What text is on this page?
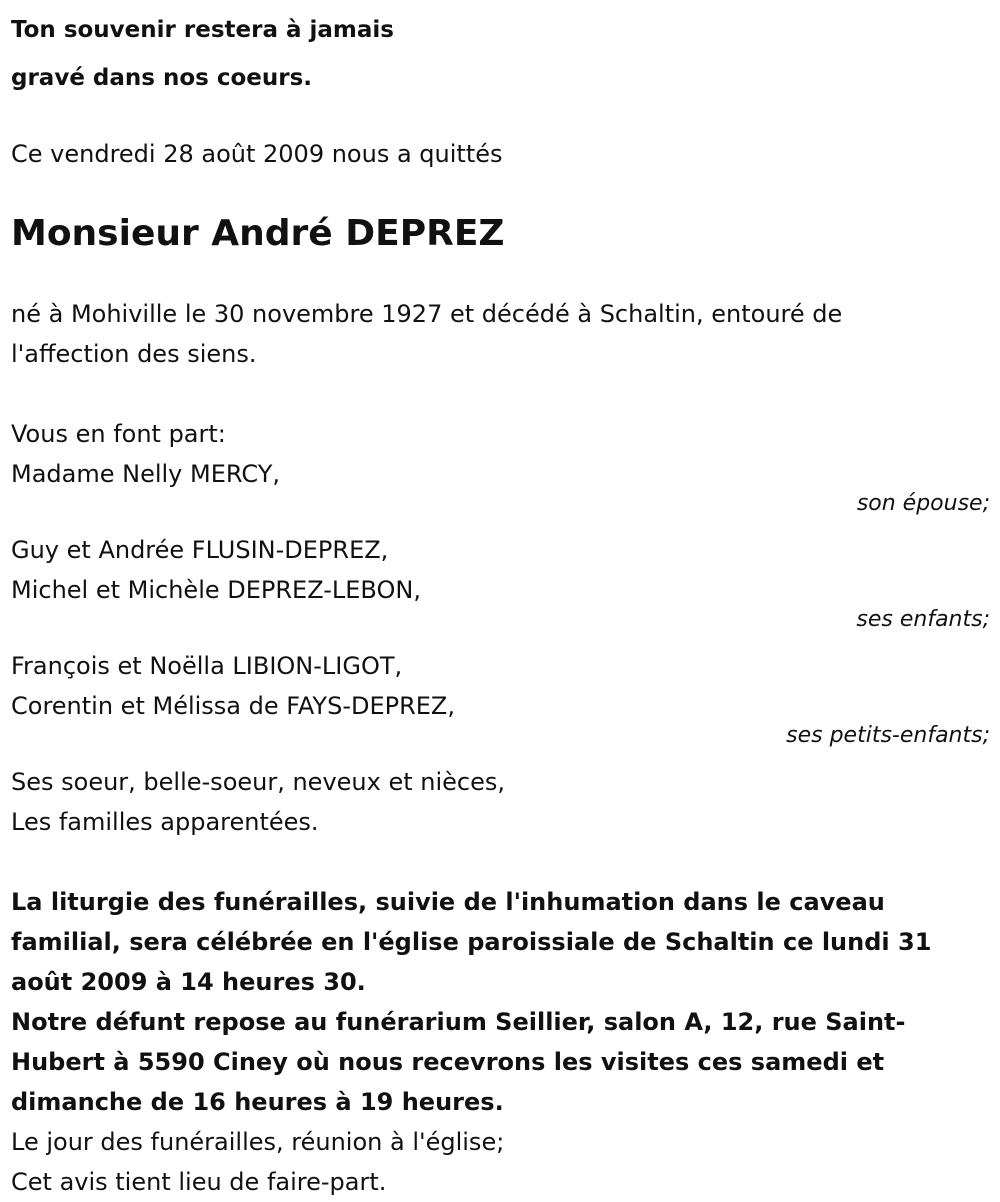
Ton souvenir restera à jamais
gravé dans nos coeurs.
Ce vendredi 28 août 2009 nous a quittés
Monsieur André DEPREZ
né à Mohiville le 30 novembre 1927 et décédé à Schaltin, entouré de
l'affection des siens.
Vous en font part:
Madame Nelly MERCY,
son épouse;
Guy et Andrée FLUSIN-DEPREZ,
Michel et Michèle DEPREZ-LEBON,
ses enfants;
François et Noëlla LIBION-LIGOT,
Corentin et Mélissa de FAYS-DEPREZ,
ses petits-enfants;
Ses soeur, belle-soeur, neveux et nièces,
Les familles apparentées.
La liturgie des funérailles, suivie de l'inhumation dans le caveau
familial, sera célébrée en l'église paroissiale de Schaltin ce lundi 31
août 2009 à 14 heures 30.
Notre défunt repose au funérarium Seillier, salon A, 12, rue Saint-
Hubert à 5590 Ciney où nous recevrons les visites ces samedi et
dimanche de 16 heures à 19 heures.
Le jour des funérailles, réunion à l'église;
Cet avis tient lieu de faire-part.
